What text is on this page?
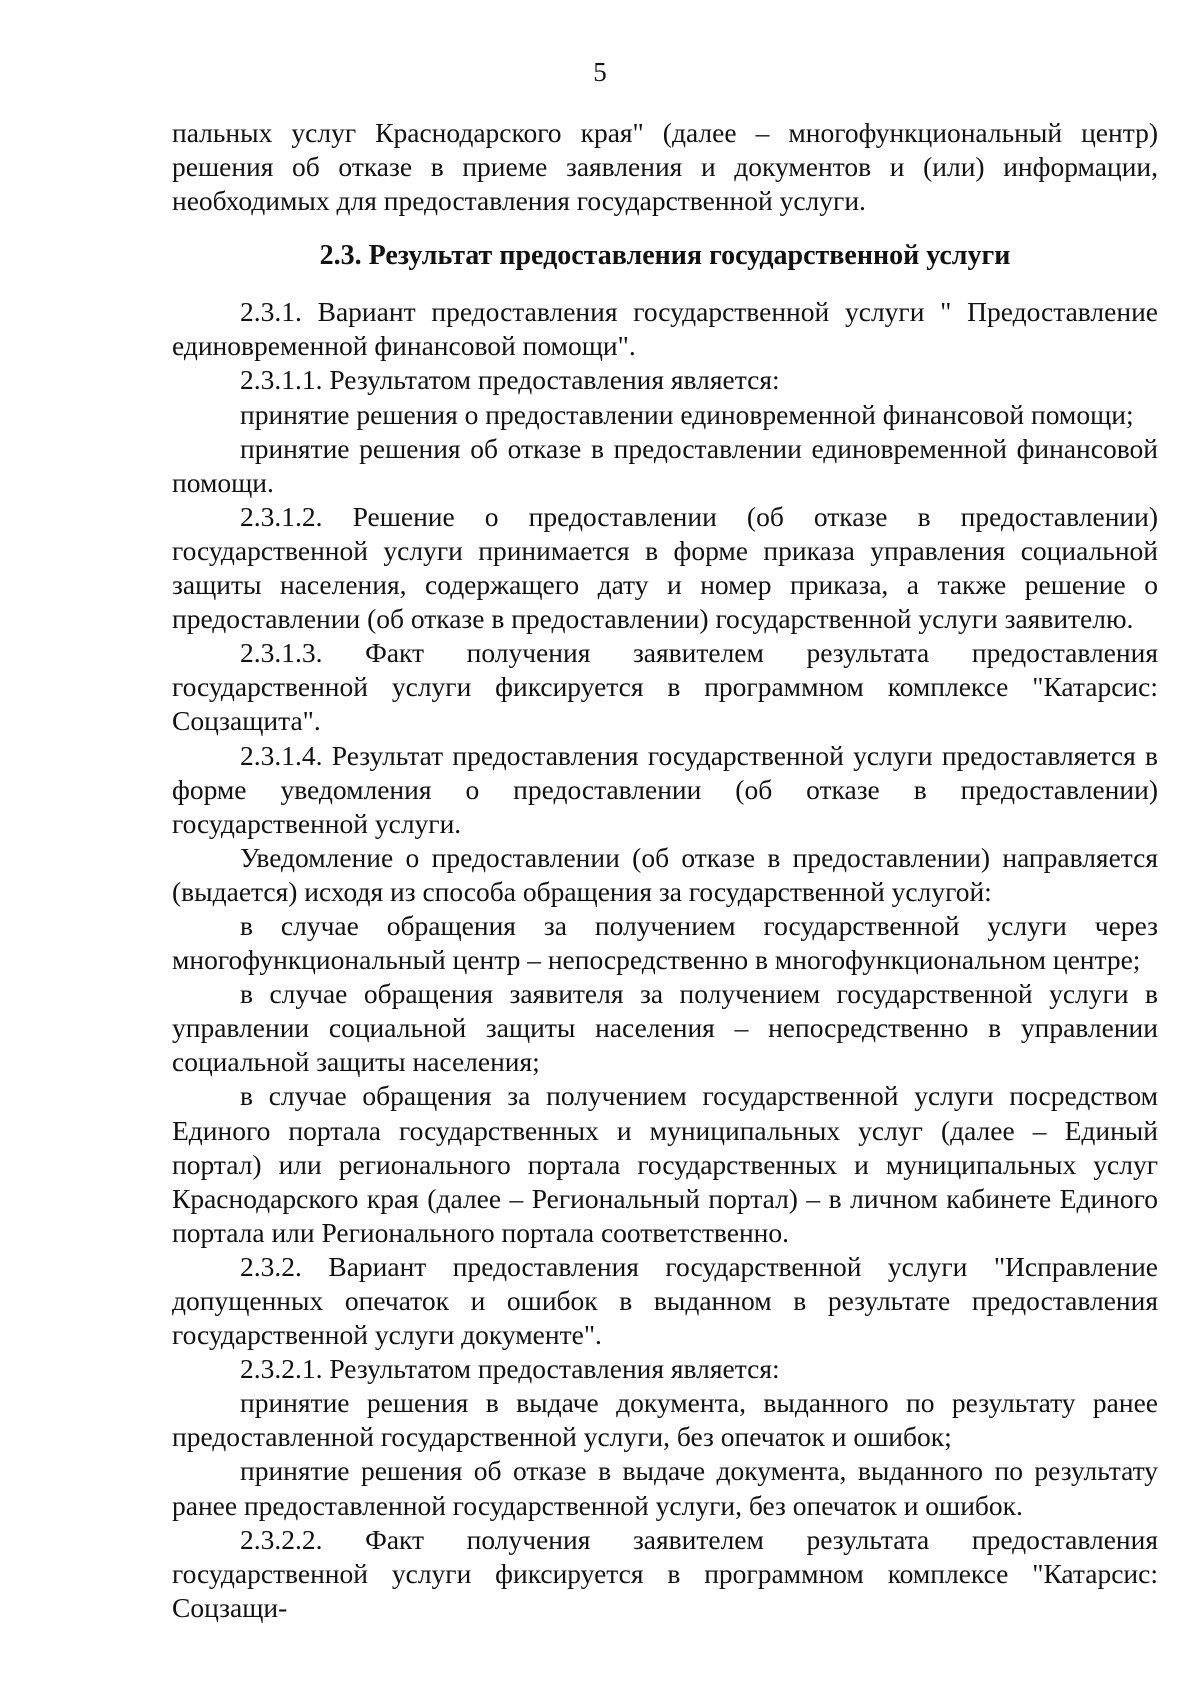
5

пальных услуг Краснодарского края" (далее – многофункциональный центр) решения об отказе в приеме заявления и документов и (или) информации, необходимых для предоставления государственной услуги.

2.3. Результат предоставления государственной услуги

2.3.1. Вариант предоставления государственной услуги " Предоставление единовременной финансовой помощи".

2.3.1.1. Результатом предоставления является:

принятие решения о предоставлении единовременной финансовой помощи;

принятие решения об отказе в предоставлении единовременной финансовой помощи.

2.3.1.2. Решение о предоставлении (об отказе в предоставлении) государственной услуги принимается в форме приказа управления социальной защиты населения, содержащего дату и номер приказа, а также решение о предоставлении (об отказе в предоставлении) государственной услуги заявителю.

2.3.1.3. Факт получения заявителем результата предоставления государственной услуги фиксируется в программном комплексе "Катарсис: Соцзащита".

2.3.1.4. Результат предоставления государственной услуги предоставляется в форме уведомления о предоставлении (об отказе в предоставлении) государственной услуги.

Уведомление о предоставлении (об отказе в предоставлении) направляется (выдается) исходя из способа обращения за государственной услугой:

в случае обращения за получением государственной услуги через многофункциональный центр – непосредственно в многофункциональном центре;

в случае обращения заявителя за получением государственной услуги в управлении социальной защиты населения – непосредственно в управлении социальной защиты населения;

в случае обращения за получением государственной услуги посредством Единого портала государственных и муниципальных услуг (далее – Единый портал) или регионального портала государственных и муниципальных услуг Краснодарского края (далее – Региональный портал) – в личном кабинете Единого портала или Регионального портала соответственно.

2.3.2. Вариант предоставления государственной услуги "Исправление допущенных опечаток и ошибок в выданном в результате предоставления государственной услуги документе".

2.3.2.1. Результатом предоставления является:

принятие решения в выдаче документа, выданного по результату ранее предоставленной государственной услуги, без опечаток и ошибок;

принятие решения об отказе в выдаче документа, выданного по результату ранее предоставленной государственной услуги, без опечаток и ошибок.

2.3.2.2. Факт получения заявителем результата предоставления государственной услуги фиксируется в программном комплексе "Катарсис: Соцзащи-
